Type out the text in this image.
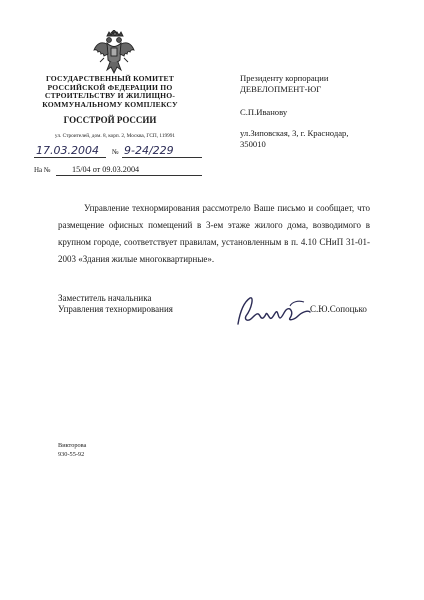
ГОСУДАРСТВЕННЫЙ КОМИТЕТ
РОССИЙСКОЙ ФЕДЕРАЦИИ ПО
СТРОИТЕЛЬСТВУ И ЖИЛИЩНО-
КОММУНАЛЬНОМУ КОМПЛЕКСУ
ГОССТРОЙ РОССИИ
ул. Строителей, дом. 8, корп. 2, Москва, ГСП, 119991
17.03.2004 № 9-24/229
На №	15/04 от 09.03.2004
Президенту корпорации
ДЕВЕЛОПМЕНТ-ЮГ
С.П.Иванову
ул.Зиповская, 3, г. Краснодар,
350010

Управление технормирования рассмотрело Ваше письмо и сообщает, что размещение офисных помещений в 3-ем этаже жилого дома, возводимого в крупном городе, соответствует правилам, установленным в п. 4.10 СНиП 31-01-2003 «Здания жилые многоквартирные».

Заместитель начальника
Управления технормирования	С.Ю.Сопоцько
Викторова
930-55-92
